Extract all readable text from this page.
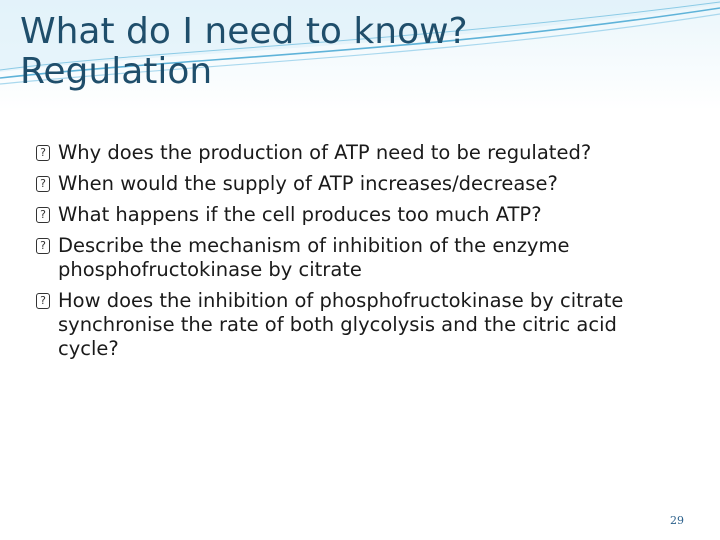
What do I need to know?
Regulation
? Why does the production of ATP need to be regulated?
? When would the supply of ATP increases/decrease?
? What happens if the cell produces too much ATP?
? Describe the mechanism of inhibition of the enzyme phosphofructokinase by citrate
? How does the inhibition of phosphofructokinase by citrate synchronise the rate of both glycolysis and the citric acid cycle?
29
